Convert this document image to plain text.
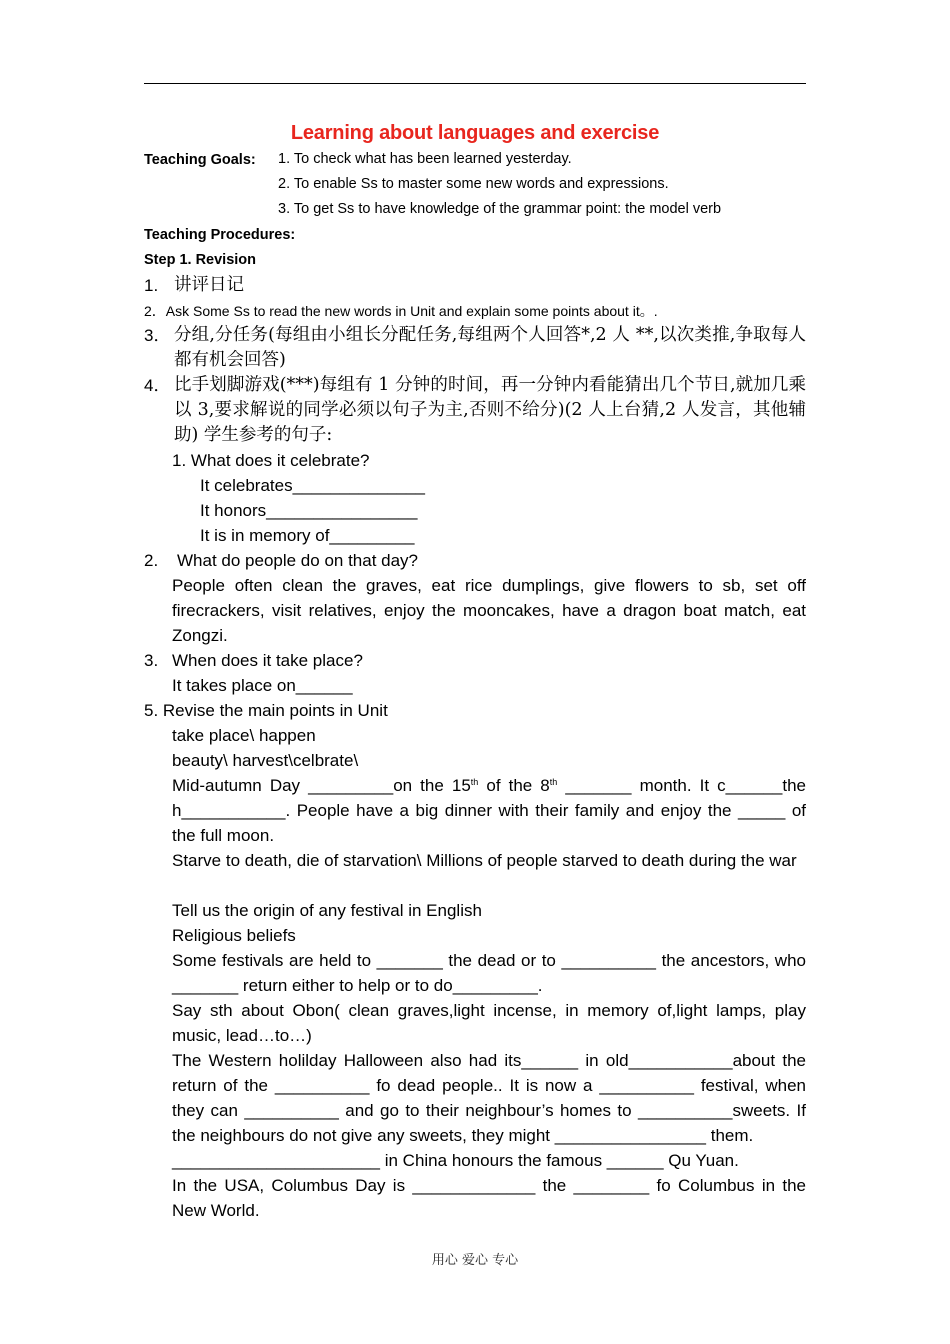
Learning about languages and exercise
Teaching Goals: 1. To check what has been learned yesterday.
2. To enable Ss to master some new words and expressions.
3. To get Ss to have knowledge of the grammar point: the model verb
Teaching Procedures:
Step 1. Revision
1. 讲评日记
2．Ask Some Ss to read the new words in Unit and explain some points about it。.
3． 分组,分任务(每组由小组长分配任务,每组两个人回答*,2 人 **,以次类推,争取每人都有机会回答)
4． 比手划脚游戏(***)每组有 1 分钟的时间，再一分钟内看能猜出几个节日,就加几乘以 3,要求解说的同学必须以句子为主,否则不给分)(2 人上台猜,2 人发言，其他辅助) 学生参考的句子:
1. What does it celebrate?
It celebrates______________
It honors________________
It is in memory of_________
2. What do people do on that day?
People often clean the graves, eat rice dumplings, give flowers to sb, set off firecrackers, visit relatives, enjoy the mooncakes, have a dragon boat match, eat Zongzi.
3. When does it take place?
It takes place on______
5. Revise the main points in Unit
take place\ happen
beauty\ harvest\celbrate\
Mid-autumn Day _________on the 15th of the 8th _______ month. It c______the h___________. People have a big dinner with their family and enjoy the _____ of the full moon.
Starve to death, die of starvation\ Millions of people starved to death during the war
Tell us the origin of any festival in English
Religious beliefs
Some festivals are held to _______ the dead or to __________ the ancestors, who _______ return either to help or to do_________.
Say sth about Obon( clean graves,light incense, in memory of,light lamps, play music, lead…to…)
The Western holilday Halloween also had its______ in old___________about the return of the __________ fo dead people.. It is now a __________ festival, when they can __________ and go to their neighbour’s homes to __________sweets. If the neighbours do not give any sweets, they might ________________ them.
______________________ in China honours the famous ______ Qu Yuan.
In the USA, Columbus Day is _____________ the ________ fo Columbus in the New World.
用心 爱心 专心
